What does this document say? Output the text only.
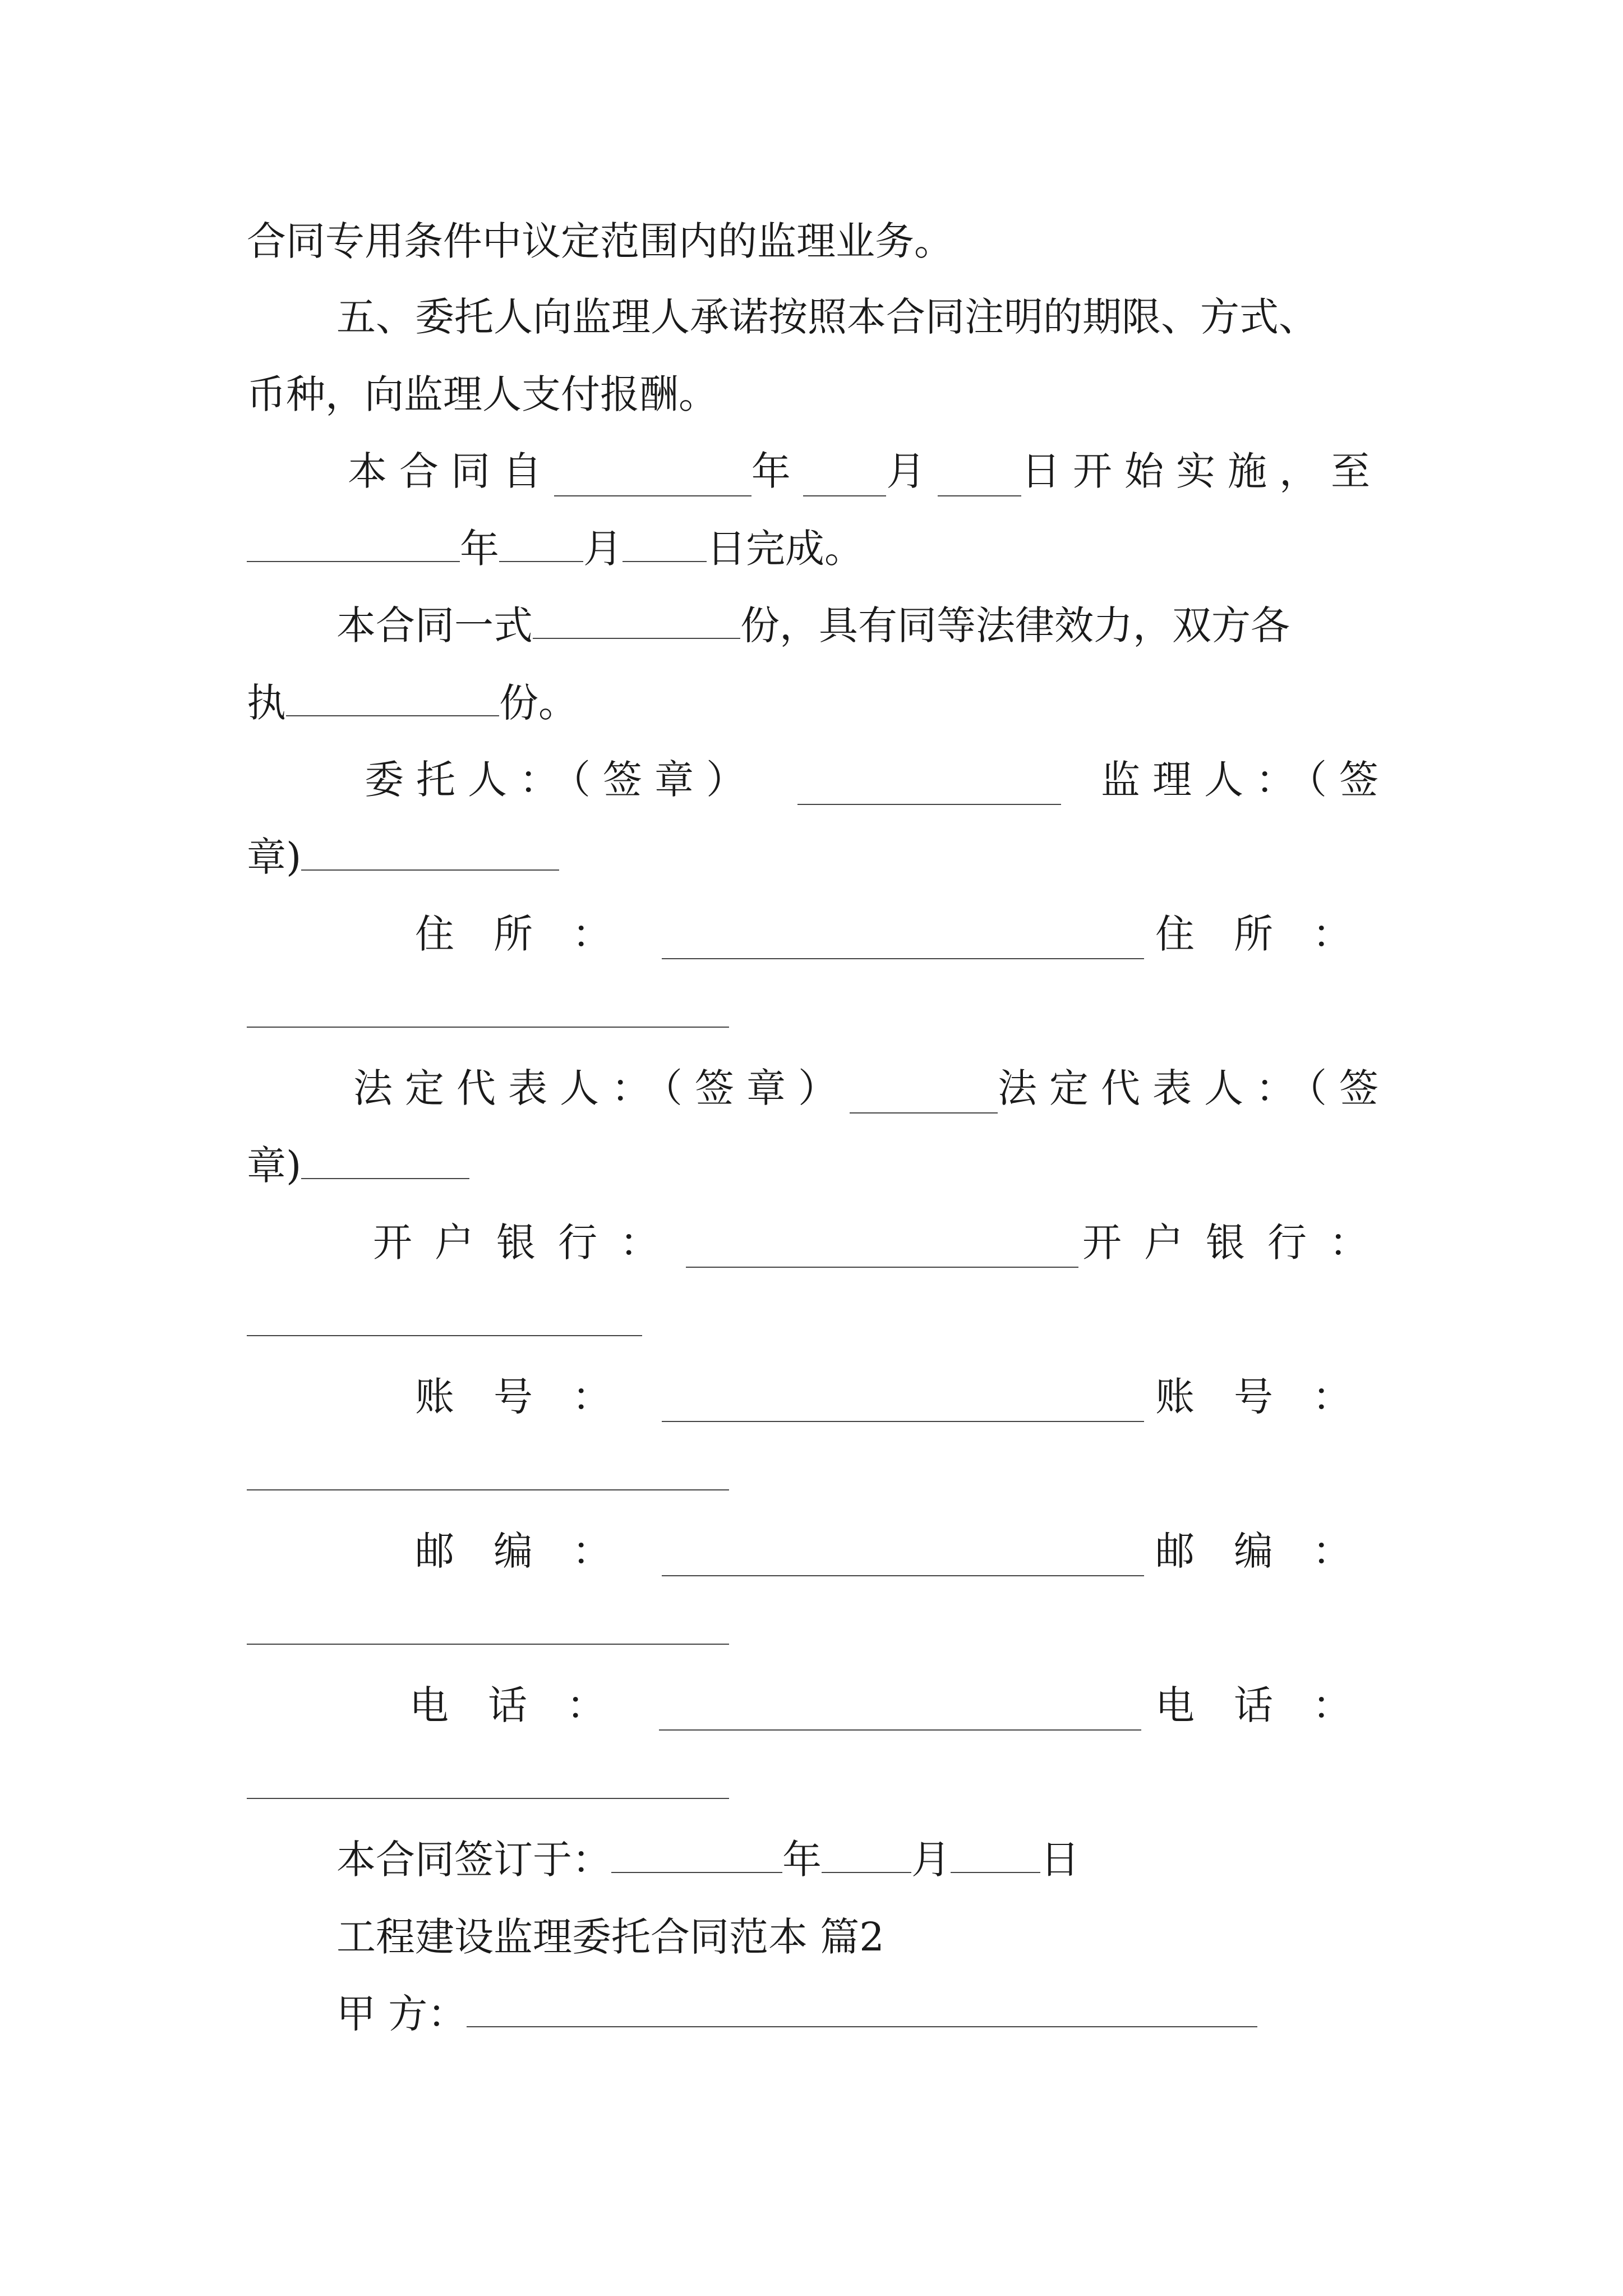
合同专用条件中议定范围内的监理业务。
五、委托人向监理人承诺按照本合同注明的期限、方式、
币种，向监理人支付报酬。
本合同自	年 月 日开始实施，至
年 月 日完成。
本合同一式	份，具有同等法律效力，双方各
执	份。
委托人：（签章）	监理人：（签
章)
住所：	住所：
法定代表人：（签章）	法定代表人：（签
章)
开户银行：	开户银行：
账号：	账号：
邮编：	邮编：
电话：	电话：
本合同签订于：	年 月 日
工程建设监理委托合同范本 篇2
甲 方：
